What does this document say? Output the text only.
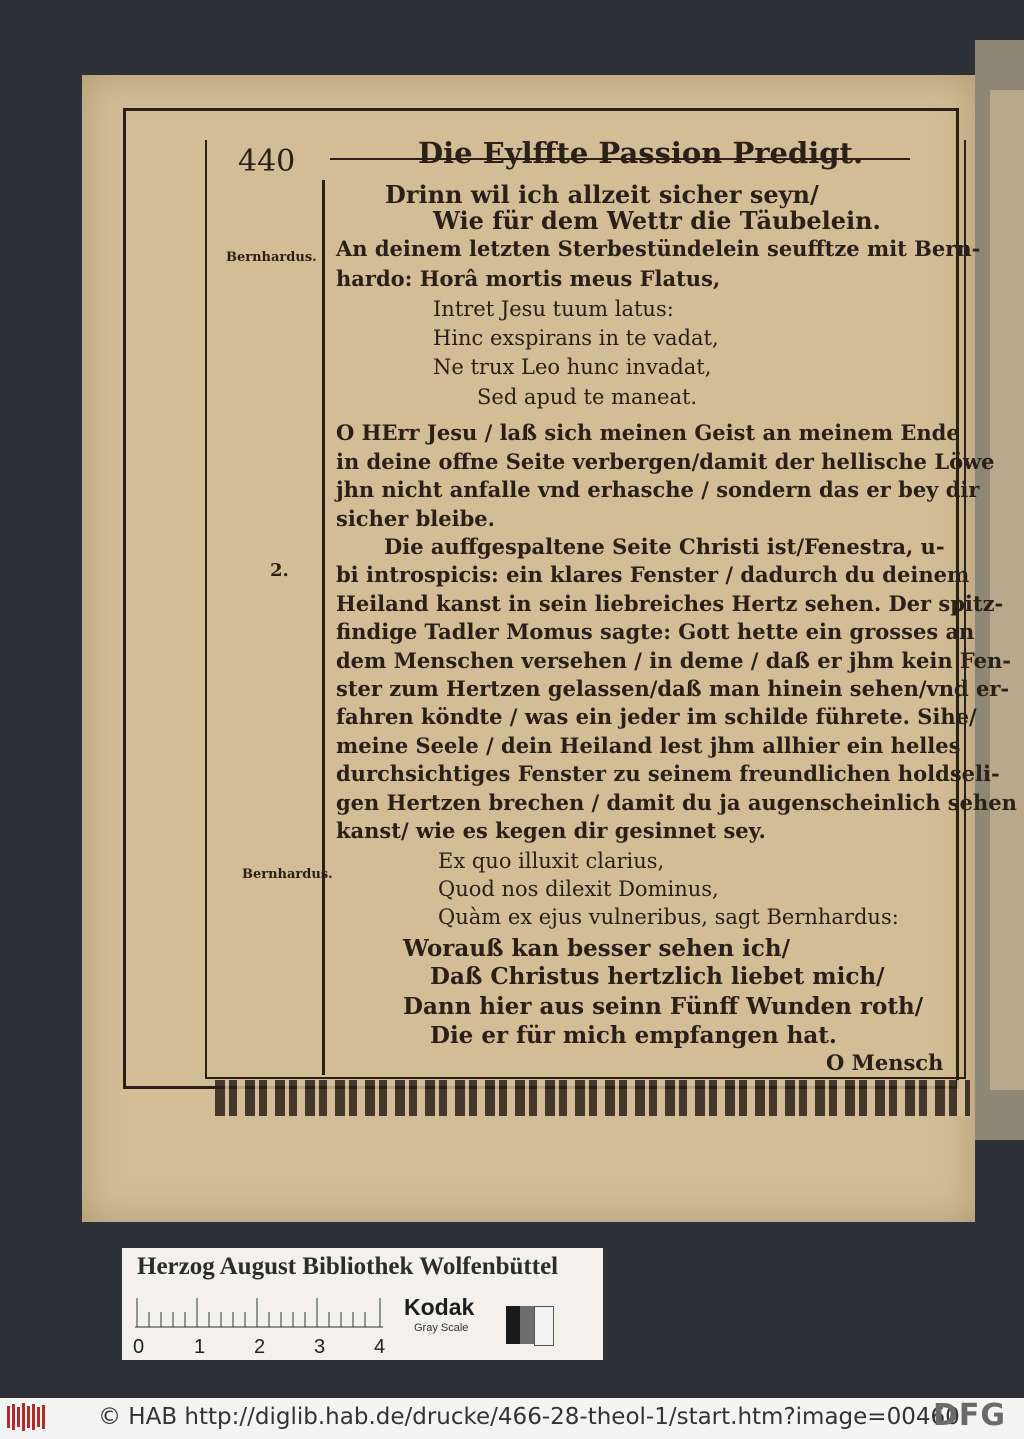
440	Die Eylffte Passion Predigt.
Bernhardus.
2.
Bernhardus.
Drinn wil ich allzeit sicher seyn/
Wie für dem Wettr die Täubelein.
An deinem letzten Sterbestündelein seufftze mit Bern-
hardo: Horâ mortis meus Flatus,
Intret Jesu tuum latus:
Hinc exspirans in te vadat,
Ne trux Leo hunc invadat,
Sed apud te maneat.
O HErr Jesu / laß sich meinen Geist an meinem Ende
in deine offne Seite verbergen/damit der hellische Löwe
jhn nicht anfalle vnd erhasche / sondern das er bey dir
sicher bleibe.
Die auffgespaltene Seite Christi ist/Fenestra, u-
bi introspicis: ein klares Fenster / dadurch du deinem
Heiland kanst in sein liebreiches Hertz sehen. Der spitz-
findige Tadler Momus sagte: Gott hette ein grosses an
dem Menschen versehen / in deme / daß er jhm kein Fen-
ster zum Hertzen gelassen/daß man hinein sehen/vnd er-
fahren köndte / was ein jeder im schilde führete. Sihe/
meine Seele / dein Heiland lest jhm allhier ein helles
durchsichtiges Fenster zu seinem freundlichen holdseli-
gen Hertzen brechen / damit du ja augenscheinlich sehen
kanst/ wie es kegen dir gesinnet sey.
Ex quo illuxit clarius,
Quod nos dilexit Dominus,
Quàm ex ejus vulneribus, sagt Bernhardus:
Worauß kan besser sehen ich/
Daß Christus hertzlich liebet mich/
Dann hier aus seinn Fünff Wunden roth/
Die er für mich empfangen hat.
O Mensch
Herzog August Bibliothek Wolfenbüttel
0 1 2 3 4
Kodak
Gray Scale
© HAB http://diglib.hab.de/drucke/466-28-theol-1/start.htm?image=00460
DFG
